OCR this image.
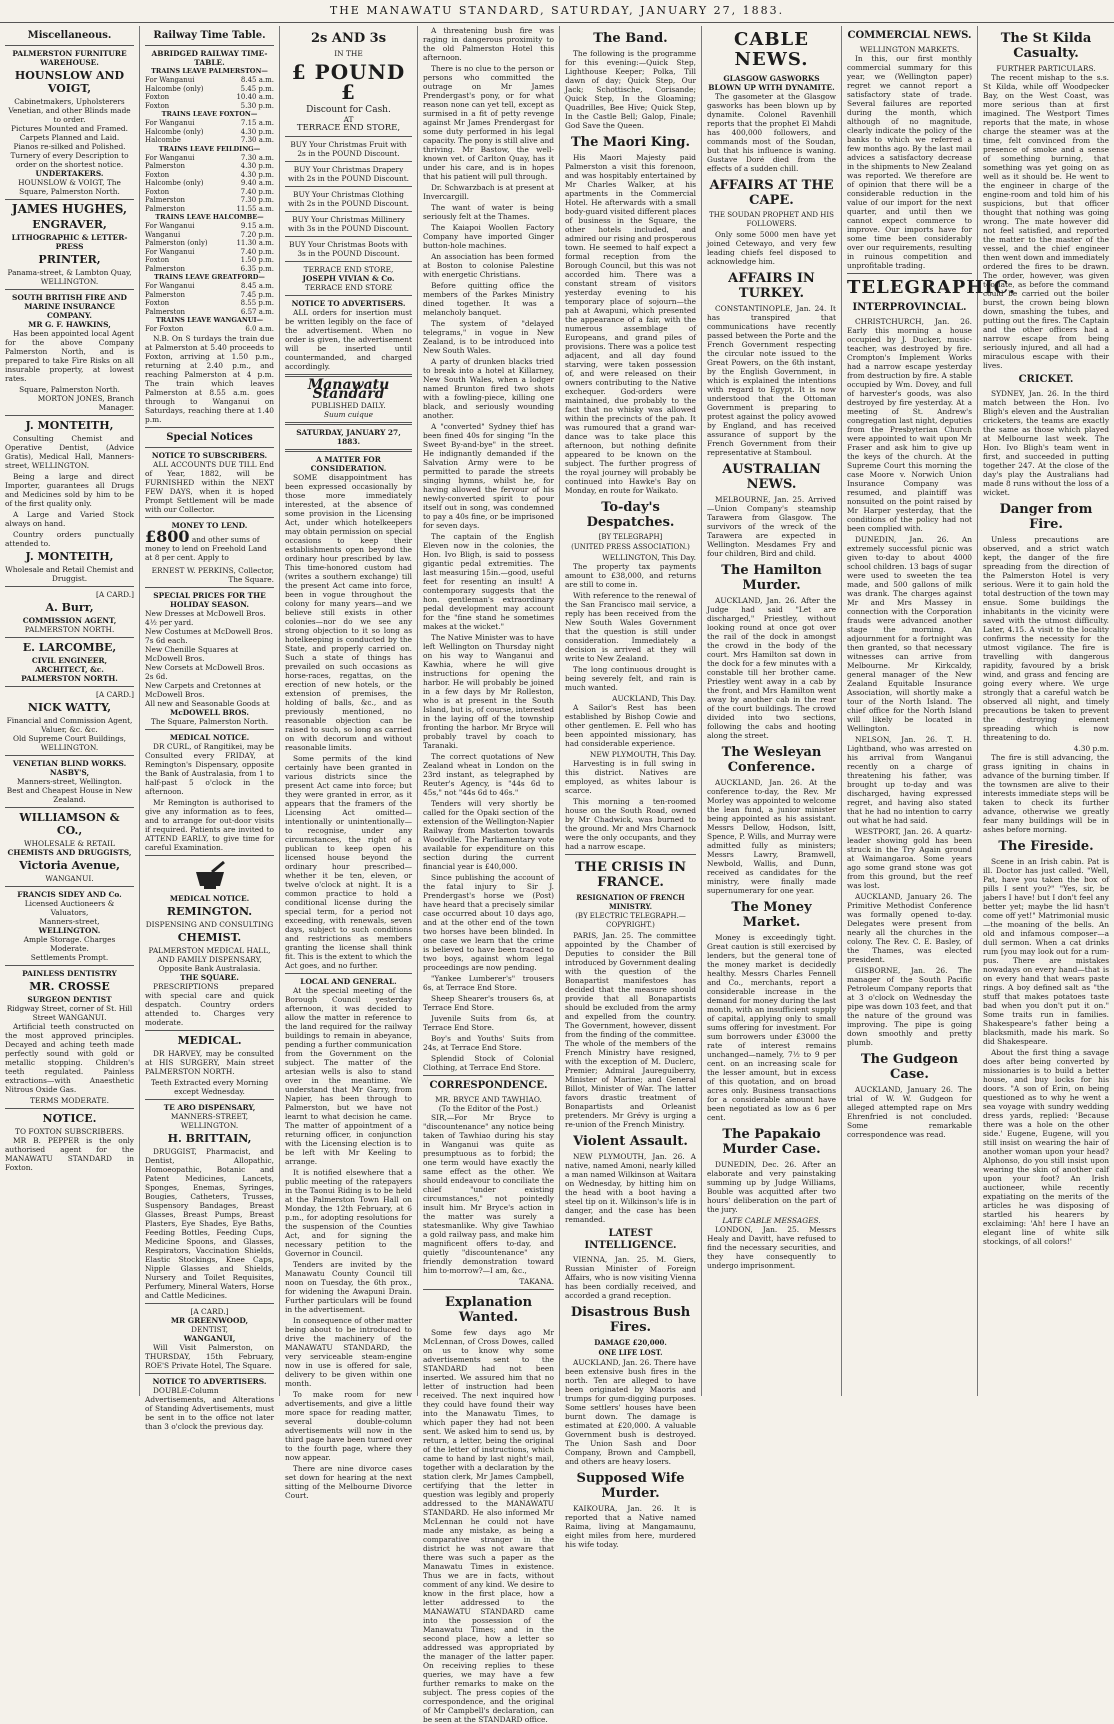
THE MANAWATU STANDARD, SATURDAY, JANUARY 27, 1883.
Miscellaneous.
PALMERSTON FURNITURE WAREHOUSE.
HOUNSLOW AND VOIGT,
Cabinetmakers, Upholsterers
Venetian, and other Blinds made to order.
Pictures Mounted and Framed.
Carpets Planned and Laid.
Pianos re-silked and Polished.
Turnery of every Description to order on the shortest notice.
UNDERTAKERS.
HOUNSLOW & VOIGT, The Square, Palmerston North.
JAMES HUGHES,
ENGRAVER,
LITHOGRAPHIC & LETTER-PRESS
PRINTER,
Panama-street, & Lambton Quay, WELLINGTON.
SOUTH BRITISH FIRE AND MARINE INSURANCE COMPANY.
MR G. F. HAWKINS,
Has been appointed local Agent for the above Company Palmerston North, and is prepared to take Fire Risks on all insurable property, at lowest rates.
Square, Palmerston North.
MORTON JONES, Branch Manager.
J. MONTEITH,
Consulting Chemist and Operative Dentist, (Advice Gratis), Medical Hall, Manners-street, WELLINGTON.
Being a large and direct Importer, guarantees all Drugs and Medicines sold by him to be of the first quality only.
A Large and Varied Stock always on hand.
Country orders punctually attended to.
J. MONTEITH,
Wholesale and Retail Chemist and Druggist.
[A CARD.]
A. Burr,
COMMISSION AGENT,
PALMERSTON NORTH.
E. LARCOMBE,
CIVIL ENGINEER,
ARCHITECT, &c.
PALMERSTON NORTH.
[A CARD.]
NICK WATTY,
Financial and Commission Agent, Valuer, &c. &c.
Old Supreme Court Buildings, WELLINGTON.
VENETIAN BLIND WORKS.
NASBY'S,
Manners-street, Wellington.
Best and Cheapest House in New Zealand.
WILLIAMSON & CO.,
WHOLESALE & RETAIL
CHEMISTS AND DRUGGISTS,
Victoria Avenue,
WANGANUI.
FRANCIS SIDEY AND Co.
Licensed Auctioneers & Valuators,
Manners-street,
WELLINGTON.
Ample Storage. Charges Moderate.
Settlements Prompt.
PAINLESS DENTISTRY
MR. CROSSE
SURGEON DENTIST
Ridgway Street, corner of St. Hill Street WANGANUI.
Artificial teeth constructed on the most approved principles. Decayed and aching teeth made perfectly sound with gold or metallic stopping. Children's teeth regulated. Painless extractions—with Anaesthetic Nitrous Oxide Gas.
TERMS MODERATE.
NOTICE.
TO FOXTON SUBSCRIBERS.
MR B. PEPPER is the only authorised agent for the MANAWATU STANDARD in Foxton.
Railway Time Table.
ABRIDGED RAILWAY TIME-TABLE.
TRAINS LEAVE PALMERSTON—
For Wanganui	8.45 a.m.
Halcombe (only)	5.45 p.m.
Foxton	10.40 a.m.
Foxton	5.30 p.m.
TRAINS LEAVE FOXTON—
For Wanganui	7.15 a.m.
Halcombe (only)	4.30 p.m.
Halcombe	7.30 a.m.
TRAINS LEAVE FEILDING—
For Wanganui	7.30 a.m.
Palmerston	4.30 p.m.
Foxton	4.30 p.m.
Halcombe (only)	9.40 a.m.
Foxton	7.40 p.m.
Palmerston	7.30 p.m.
Palmerston	11.55 a.m.
TRAINS LEAVE HALCOMBE—
For Wanganui	9.15 a.m.
Wanganui	7.20 p.m.
Palmerston (only)	11.30 a.m.
For Wanganui	7.40 p.m.
Foxton	1.50 p.m.
Palmerston	6.35 p.m.
TRAINS LEAVE GREATFORD—
For Wanganui	8.45 a.m.
Palmerston	7.45 p.m.
Foxton	8.55 p.m.
Palmerston	6.57 a.m.
TRAINS LEAVE WANGANUI—
For Foxton	6.0 a.m.
N.B. On S turdays the train due at Palmerston at 5.40 proceeds to Foxton, arriving at 1.50 p.m., returning at 2.40 p.m., and reaching Palmerston at 4 p.m. The train which leaves Palmerston at 8.55 a.m. goes through to Wanganui on Saturdays, reaching there at 1.40 p.m.
Special Notices
NOTICE TO SUBSCRIBERS.
ALL ACCOUNTS DUE TILL End of Year, 1882, will be FURNISHED within the NEXT FEW DAYS, when it is hoped Prompt Settlement will be made with our Collector.
MONEY TO LEND.
£800 and other sums of money to lend on Freehold Land at 8 per cent. Apply to
ERNEST W. PERKINS, Collector, The Square.
SPECIAL PRICES FOR THE HOLIDAY SEASON.
New Dresses at McDowell Bros. 4½ per yard.
New Costumes at McDowell Bros. 7s 6d each.
New Chenille Squares at McDowell Bros.
New Corsets at McDowell Bros. 2s 6d.
New Carpets and Cretonnes at McDowell Bros.
All new and Seasonable Goods at
McDOWELL BROS.
The Square, Palmerston North.
MEDICAL NOTICE.
DR CURL, of Rangitikei, may be Consulted every FRIDAY, at Remington's Dispensary, opposite the Bank of Australasia, from 1 to half-past 5 o'clock in the afternoon.
Mr Remington is authorised to give any information as to fees, and to arrange for out-door visits if required. Patients are invited to ATTEND EARLY, to give time for careful Examination.
MEDICAL NOTICE.
REMINGTON.
DISPENSING AND CONSULTING
CHEMIST.
PALMERSTON MEDICAL HALL,
AND FAMILY DISPENSARY,
Opposite Bank Australasia.
THE SQUARE.
PRESCRIPTIONS prepared with special care and quick despatch. Country orders attended to. Charges very moderate.
MEDICAL.
DR HARVEY, may be consulted at HIS SURGERY, Main street PALMERSTON NORTH.
Teeth Extracted every Morning except Wednesday.
TE ARO DISPENSARY,
MANNERS-STREET, WELLINGTON.
H. BRITTAIN,
DRUGGIST, Pharmacist, and Dentist, Allopathic, Homoeopathic, Botanic and Patent Medicines, Lancets, Sponges, Enemas, Syringes, Bougies, Catheters, Trusses, Suspensory Bandages, Breast Glasses, Breast Pumps, Breast Plasters, Eye Shades, Eye Baths, Feeding Bottles, Feeding Cups, Medicine Spoons, and Glasses, Respirators, Vaccination Shields, Elastic Stockings, Knee Caps, Nipple Glasses and Shields, Nursery and Toilet Requisites, Perfumery, Mineral Waters, Horse and Cattle Medicines.
[A CARD.]
MR GREENWOOD,
DENTIST,
WANGANUI,
Will Visit Palmerston, on THURSDAY, 15th February, ROE'S Private Hotel, The Square.
NOTICE TO ADVERTISERS.
DOUBLE-Column Advertisements, and Alterations of Standing Advertisements, must be sent in to the office not later than 3 o'clock the previous day.
2s AND 3s
IN THE
£ POUND £
Discount for Cash.
AT
TERRACE END STORE,
BUY Your Christmas Fruit with 2s in the POUND Discount.
BUY Your Christmas Drapery with 2s in the POUND Discount.
BUY Your Christmas Clothing with 2s in the POUND Discount.
BUY Your Christmas Millinery with 3s in the POUND Discount.
BUY Your Christmas Boots with 3s in the POUND Discount.
TERRACE END STORE,
JOSEPH VIVIAN & Co.
TERRACE END STORE
NOTICE TO ADVERTISERS.
ALL orders for insertion must be written legibly on the face of the advertisement. When no order is given, the advertisement will be inserted until countermanded, and charged accordingly.
Manawatu Standard
PUBLISHED DAILY.
Suum cuique
SATURDAY, JANUARY 27, 1883.
A MATTER FOR CONSIDERATION.
SOME disappointment has been expressed occasionally by those more immediately interested, at the absence of some provision in the Licensing Act, under which hotelkeepers may obtain permission on special occasions to keep their establishments open beyond the ordinary hour prescribed by law. This time-honored custom had (writes a southern exchange) till the present Act came into force, been in vogue throughout the colony for many years—and we believe still exists in other colonies—nor do we see any strong objection to it so long as hotelkeeping is conducted by the State, and properly carried on. Such a state of things has prevailed on such occasions as horse-races, regattas, on the erection of new hotels, or the extension of premises, the holding of balls, &c., and as previously mentioned, no reasonable objection can be raised to such, so long as carried on with decorum and without reasonable limits.
Some permits of the kind certainly have been granted in various districts since the present Act came into force; but they were granted in error, as it appears that the framers of the Licensing Act omitted—intentionally or unintentionally—to recognise, under any circumstances, the right of a publican to keep open his licensed house beyond the ordinary hour prescribed—whether it be ten, eleven, or twelve o'clock at night. It is a common practice to hold a conditional license during the special term, for a period not exceeding, with renewals, seven days, subject to such conditions and restrictions as members granting the license shall think fit. This is the extent to which the Act goes, and no further.
LOCAL AND GENERAL.
At the special meeting of the Borough Council yesterday afternoon, it was decided to allow the matter in reference to the land required for the railway buildings to remain in abeyance, pending a further communication from the Government on the subject. The matter of the artesian wells is also to stand over in the meantime. We understand that Mr Garry, from Napier, has been through to Palmerston, but we have not learnt to what decision he came. The matter of appointment of a returning officer, in conjunction with the Licensing election is to be left with Mr Keeling to arrange.
It is notified elsewhere that a public meeting of the ratepayers in the Taonui Riding is to be held at the Palmerston Town Hall on Monday, the 12th February, at 6 p.m., for adopting resolutions for the suspension of the Counties Act, and for signing the necessary petition to the Governor in Council.
Tenders are invited by the Manawatu County Council till noon on Tuesday, the 6th prox., for widening the Awapuni Drain. Further particulars will be found in the advertisement.
In consequence of other matter being about to be introduced to drive the machinery of the MANAWATU STANDARD, the very serviceable steam-engine now in use is offered for sale, delivery to be given within one month.
To make room for new advertisements, and give a little more space for reading matter, several double-column advertisements will now in the third page have been turned over to the fourth page, where they now appear.
There are nine divorce cases set down for hearing at the next sitting of the Melbourne Divorce Court.
A threatening bush fire was raging in dangerous proximity to the old Palmerston Hotel this afternoon.
There is no clue to the person or persons who committed the outrage on Mr James Prendergast's pony, or for what reason none can yet tell, except as surmised in a fit of petty revenge against Mr James Prendergast for some duty performed in his legal capacity. The pony is still alive and thriving. Mr Bastow, the well-known vet. of Carlton Quay, has it under his care, and is in hopes that his patient will pull through.
Dr. Schwarzbach is at present at Invercargill.
The want of water is being seriously felt at the Thames.
The Kaiapoi Woollen Factory Company have imported Ginger button-hole machines.
An association has been formed at Boston to colonise Palestine with energetic Christians.
Before quitting office the members of the Parkes Ministry dined together. It was a melancholy banquet.
The system of "delayed telegrams," in vogue in New Zealand, is to be introduced into New South Wales.
A party of drunken blacks tried to break into a hotel at Killarney, New South Wales, when a lodger named Brunton fired two shots with a fowling-piece, killing one black, and seriously wounding another.
A "converted" Sydney thief has been fined 40s for singing "In the Sweet By-and-bye" in the street. He indignantly demanded if the Salvation Army were to be permitted to parade the streets singing hymns, whilst he, for having allowed the fervour of his newly-converted spirit to pour itself out in song, was condemned to pay a 40s fine, or be imprisoned for seven days.
The captain of the English Eleven now in the colonies, the Hon. Ivo Bligh, is said to possess gigantic pedal extremities. The last measuring 15in.—good, useful feet for resenting an insult! A contemporary suggests that the hon. gentleman's extraordinary pedal development may account for the "fine stand he sometimes makes at the wicket."
The Native Minister was to have left Wellington on Thursday night on his way to Wanganui and Kawhia, where he will give instructions for opening the harbor. He will probably be joined in a few days by Mr Rolleston, who is at present in the South Island, but is, of course, interested in the laying off of the township fronting the harbor. Mr Bryce will probably travel by coach to Taranaki.
The correct quotations of New Zealand wheat in London on the 23rd instant, as telegraphed by Reuter's Agency, is "44s 6d to 45s," not "44s 6d to 46s."
Tenders will very shortly be called for the Opaki section of the extension of the Wellington-Napier Railway from Masterton towards Woodville. The Parliamentary vote available for expenditure on this section during the current financial year is £40,000.
Since publishing the account of the fatal injury to Sir J. Prendergast's horse we (Post) have heard that a precisely similar case occurred about 10 days ago, and at the other end of the town two horses have been blinded. In one case we learn that the crime is believed to have been traced to two boys, against whom legal proceedings are now pending.
"Yankee Lumberer's" trousers 6s, at Terrace End Store.
Sheep Shearer's trousers 6s, at Terrace End Store.
Juvenile Suits from 6s, at Terrace End Store.
Boy's and Youths' Suits from 24s, at Terrace End Store.
Splendid Stock of Colonial Clothing, at Terrace End Store.
CORRESPONDENCE.
MR. BRYCE AND TAWHIAO.
(To the Editor of the Post.)
SIR,—For Mr Bryce to "discountenance" any notice being taken of Tawhiao during his stay in Wanganui was quite as presumptuous as to forbid; the one term would have exactly the same effect as the other. We should endeavour to conciliate the chief "under existing circumstances," not pointedly insult him. Mr Bryce's action in the matter was surely a statesmanlike. Why give Tawhiao a gold railway pass, and make him magnificent offers to-day, and quietly "discountenance" any friendly demonstration toward him to-morrow?—I am, &c.,
TAKANA.
Explanation Wanted.
Some few days ago Mr McLennan, of Cross Dowes, called on us to know why some advertisements sent to the STANDARD had not been inserted. We assured him that no letter of instruction had been received. The next inquired how they could have found their way into the Manawatu Times, to which paper they had not been sent. We asked him to send us, by return, a letter, being the original of the letter of instructions, which came to hand by last night's mail, together with a declaration by the station clerk, Mr James Campbell, certifying that the letter in question was legibly and properly addressed to the MANAWATU STANDARD. He also informed Mr McLennan he could not have made any mistake, as being a comparative stranger in the district he was not aware that there was such a paper as the Manawatu Times in existence. Thus we are in facts, without comment of any kind. We desire to know in the first place, how a letter addressed to the MANAWATU STANDARD came into the possession of the Manawatu Times; and in the second place, how a letter so addressed was appropriated by the manager of the latter paper. On receiving replies to these queries, we may have a few further remarks to make on the subject. The press copies of the correspondence, and the original of Mr Campbell's declaration, can be seen at the STANDARD office.
The Band.
The following is the programme for this evening:—Quick Step, Lighthouse Keeper; Polka, Till dawn of day; Quick Step, Our Jack; Schottische, Corisande; Quick Step, In the Gloaming; Quadrilles, Bee Hive; Quick Step, In the Castle Bell; Galop, Finale; God Save the Queen.
The Maori King.
His Maori Majesty paid Palmerston a visit this forenoon, and was hospitably entertained by Mr Charles Walker, at his apartments in the Commercial Hotel. He afterwards with a small body-guard visited different places of business in the Square, the other hotels included, and admired our rising and prosperous town. He seemed to half expect a formal reception from the Borough Council, but this was not accorded him. There was a constant stream of visitors yesterday evening to his temporary place of sojourn—the pah at Awapuni, which presented the appearance of a fair, with the numerous assemblage of Europeans, and grand piles of provisions. There was a police test adjacent, and all day found starving, were taken possession of, and were released on their owners contributing to the Native exchequer. God-orders were maintained, due probably to the fact that no whisky was allowed within the precincts of the pah. It was rumoured that a grand war-dance was to take place this afternoon, but nothing definite appeared to be known on the subject. The further progress of the royal journey will probably be continued into Hawke's Bay on Monday, en route for Waikato.
To-day's Despatches.
[BY TELEGRAPH]
(UNITED PRESS ASSOCIATION.)
WELLINGTON, This Day.
The property tax payments amount to £38,000, and returns are still to come in.
With reference to the renewal of the San Francisco mail service, a reply has been received from the New South Wales Government that the question is still under consideration. Immediately a decision is arrived at they will write to New Zealand.
The long continuous drought is being severely felt, and rain is much wanted.
AUCKLAND, This Day.
A Sailor's Rest has been established by Bishop Cowie and other gentlemen. E. Fell who has been appointed missionary, has had considerable experience.
NEW PLYMOUTH, This Day.
Harvesting is in full swing in this district. Natives are employed, as whites labour is scarce.
This morning a ten-roomed house on the South Road, owned by Mr Chadwick, was burned to the ground. Mr and Mrs Charnock were the only occupants, and they had a narrow escape.
THE CRISIS IN FRANCE.
RESIGNATION OF FRENCH MINISTRY.
(BY ELECTRIC TELEGRAPH.—COPYRIGHT.)
PARIS, Jan. 25. The committee appointed by the Chamber of Deputies to consider the Bill introduced by Government dealing with the question of the Bonapartist manifestoes has decided that the measure should provide that all Bonapartists should be excluded from the army and expelled from the country. The Government, however, dissent from the finding of the committee. The whole of the members of the French Ministry have resigned, with the exception of M. Duclerc, Premier; Admiral Jaureguiberry, Minister of Marine; and General Billot, Minister of War. The latter favors drastic treatment of Bonapartists and Orleanist pretenders. Mr Grévy is urging a re-union of the French Ministry.
Violent Assault.
NEW PLYMOUTH, Jan. 26. A native, named Amoni, nearly killed a man named Wilkinson at Waitara on Wednesday, by hitting him on the head with a boot having a steel tip on it. Wilkinson's life is in danger, and the case has been remanded.
LATEST INTELLIGENCE.
VIENNA, Jan. 25. M. Giers, Russian Minister of Foreign Affairs, who is now visiting Vienna has been cordially received, and accorded a grand reception.
Disastrous Bush Fires.
DAMAGE £20,000.
ONE LIFE LOST.
AUCKLAND, Jan. 26. There have been extensive bush fires in the north. Ten are alleged to have been originated by Maoris and trumps for gum-digging purposes. Some settlers' houses have been burnt down. The damage is estimated at £20,000. A valuable Government bush is destroyed. The Union Sash and Door Company, Brown and Campbell, and others are heavy losers.
Supposed Wife Murder.
KAIKOURA, Jan. 26. It is reported that a Native named Raima, living at Mangamaunu, eight miles from here, murdered his wife today.
CABLE NEWS.
GLASGOW GASWORKS BLOWN UP WITH DYNAMITE.
The gasometer at the Glasgow gasworks has been blown up by dynamite. Colonel Ravenhill reports that the prophet El Mahdi has 400,000 followers, and commands most of the Soudan, but that his influence is waning. Gustave Doré died from the effects of a sudden chill.
AFFAIRS AT THE CAPE.
THE SOUDAN PROPHET AND HIS FOLLOWERS.
Only some 5000 men have yet joined Cetewayo, and very few leading chiefs feel disposed to acknowledge him.
AFFAIRS IN TURKEY.
CONSTANTINOPLE, Jan. 24. It has transpired that communications have recently passed between the Porte and the French Government respecting the circular note issued to the Great Powers, on the 6th instant, by the English Government, in which is explained the intentions with regard to Egypt. It is now understood that the Ottoman Government is preparing to protest against the policy avowed by England, and has received assurance of support by the French Government from their representative at Stamboul.
AUSTRALIAN NEWS.
MELBOURNE, Jan. 25. Arrived—Union Company's steamship Tarawera from Glasgow. The survivors of the wreck of the Tarawera are expected in Wellington. Mesdames Fry and four children, Bird and child.
The Hamilton Murder.
AUCKLAND, Jan. 26. After the Judge had said "Let are discharged," Priestley, without looking round at once got over the rail of the dock in amongst the crowd in the body of the court. Mrs Hamilton sat down in the dock for a few minutes with a constable till her brother came. Priestley went away in a cab by the front, and Mrs Hamilton went away by another cab in the rear of the court buildings. The crowd divided into two sections, following the cabs and hooting along the street.
The Wesleyan Conference.
AUCKLAND, Jan. 26. At the conference to-day, the Rev. Mr Morley was appointed to welcome the lean fund, a junior minister being appointed as his assistant. Messrs Dellow, Hodson, Isitt, Spence, P. Wills, and Murray were admitted fully as ministers; Messrs Lawry, Bramwell, Newbold, Wallis, and Dunn, received as candidates for the ministry, were finally made supernumerary for one year.
The Money Market.
Money is exceedingly tight. Great caution is still exercised by lenders, but the general tone of the money market is decidedly healthy. Messrs Charles Fennell and Co., merchants, report a considerable increase in the demand for money during the last month, with an insufficient supply of capital, applying only to small sums offering for investment. For sum borrowers under £3000 the rate of interest remains unchanged—namely, 7½ to 9 per cent. on an increasing scale for the lesser amount, but in excess of this quotation, and on broad acres only. Business transactions for a considerable amount have been negotiated as low as 6 per cent.
The Papakaio Murder Case.
DUNEDIN, Dec. 26. After an elaborate and very painstaking summing up by Judge Williams, Bouble was acquitted after two hours' deliberation on the part of the jury.
LATE CABLE MESSAGES.
LONDON, Jan. 25. Messrs Healy and Davitt, have refused to find the necessary securities, and they have consequently to undergo imprisonment.
COMMERCIAL NEWS.
WELLINGTON MARKETS.
In this, our first monthly commercial summary for this year, we (Wellington paper) regret we cannot report a satisfactory state of trade. Several failures are reported during the month, which although of no magnitude, clearly indicate the policy of the banks to which we referred a few months ago. By the last mail advices a satisfactory decrease in the shipments to New Zealand was reported. We therefore are of opinion that there will be a considerable reduction in the value of our import for the next quarter, and until then we cannot expect commerce to improve. Our imports have for some time been considerably over our requirements, resulting in ruinous competition and unprofitable trading.
TELEGRAPHIC.
INTERPROVINCIAL.
CHRISTCHURCH, Jan. 26. Early this morning a house occupied by J. Ducker, music-teacher, was destroyed by fire. Crompton's Implement Works had a narrow escape yesterday from destruction by fire. A stable occupied by Wm. Dovey, and full of harvester's goods, was also destroyed by fire yesterday. At a meeting of St. Andrew's congregation last night, deputies from the Presbyterian Church were appointed to wait upon Mr Fraser and ask him to give up the keys of the church. At the Supreme Court this morning the case Moore v. Norwich Union Insurance Company was resumed, and plaintiff was nonsuited on the point raised by Mr Harper yesterday, that the conditions of the policy had not been complied with.
DUNEDIN, Jan. 26. An extremely successful picnic was given to-day to about 4000 school children. 13 bags of sugar were used to sweeten the tea made, and 500 gallons of milk was drank. The charges against Mr and Mrs Massey in connection with the Corporation frauds were advanced another stage the morning. An adjournment for a fortnight was then granted, so that necessary witnesses can arrive from Melbourne. Mr Kirkcaldy, general manager of the New Zealand Equitable Insurance Association, will shortly make a tour of the North Island. The chief office for the North Island will likely be located in Wellington.
NELSON, Jan. 26. T. H. Lightband, who was arrested on his arrival from Wanganui recently on a charge of threatening his father, was brought up to-day and was discharged, having expressed regret, and having also stated that he had no intention to carry out what he had said.
WESTPORT, Jan. 26. A quartz-leader showing gold has been struck in the Try Again ground at Waimangaroa. Some years ago some grand stone was got from this ground, but the reef was lost.
AUCKLAND, January 26. The Primitive Methodist Conference was formally opened to-day. Delegates were present from nearly all the churches in the colony. The Rev. C. E. Basley, of the Thames, was elected president.
GISBORNE, Jan. 26. The manager of the South Pacific Petroleum Company reports that at 3 o'clock on Wednesday the pipe was down 103 feet, and that the nature of the ground was improving. The pipe is going down smoothly and pretty plumb.
The Gudgeon Case.
AUCKLAND, January 26. The trial of W. W. Gudgeon for alleged attempted rape on Mrs Ehrenfried is not concluded. Some remarkable correspondence was read.
The St Kilda Casualty.
FURTHER PARTICULARS.
The recent mishap to the s.s. St Kilda, while off Woodpecker Bay, on the West Coast, was more serious than at first imagined. The Westport Times reports that the mate, in whose charge the steamer was at the time, felt convinced from the presence of smoke and a sense of something burning, that something was yet going on as well as it should be. He went to the engineer in charge of the engine-room and told him of his suspicions, but that officer thought that nothing was going wrong. The mate however did not feel satisfied, and reported the matter to the master of the vessel, and the chief engineer then went down and immediately ordered the fires to be drawn. The order, however, was given too late, as before the command could be carried out the boiler burst, the crown being blown down, smashing the tubes, and putting out the fires. The Captain and the other officers had a narrow escape from being seriously injured, and all had a miraculous escape with their lives.
CRICKET.
SYDNEY, Jan. 26. In the third match between the Hon. Ivo Bligh's eleven and the Australian cricketers, the teams are exactly the same as those which played at Melbourne last week. The Hon. Ivo Bligh's team went in first, and succeeded in putting together 247. At the close of the day's play the Australians had made 8 runs without the loss of a wicket.
Danger from Fire.
Unless precautions are observed, and a strict watch kept, the danger of the fire spreading from the direction of the Palmerston Hotel is very serious. Were it to gain hold the total destruction of the town may ensue. Some buildings the inhabitants in the vicinity were saved with the utmost difficulty. Later, 4.15. A visit to the locality confirms the necessity for the utmost vigilance. The fire is travelling with dangerous rapidity, favoured by a brisk wind, and grass and fencing are going every where. We urge strongly that a careful watch be observed all night, and timely precautions be taken to prevent the destroying element spreading which is now threatening to do.
4.30 p.m.
The fire is still advancing, the grass igniting in chains in advance of the burning timber. If the townsmen are alive to their interests immediate steps will be taken to check its further advance, otherwise we greatly fear many buildings will be in ashes before morning.
The Fireside.
Scene in an Irish cabin. Pat is ill. Doctor has just called. "Well, Pat, have you taken the box of pills I sent you?" "Yes, sir, be jabers I have! but I don't feel any better yet; maybe the lid hasn't come off yet!" Matrimonial music—the moaning of the bells. An old and infamous composer—a dull sermon. When a cat drinks rum [you may look out for a rum-pus. There are mistakes nowadays on every hand—that is on every hand that wears paste rings. A boy defined salt as "the stuff that makes potatoes taste bad when you don't put it on." Some traits run in families. Shakespeare's father being a blacksmith, made his mark. So did Shakespeare.
About the first thing a savage does after being converted by missionaries is to build a better house, and buy locks for his doors. "A son of Erin, on being questioned as to why he went a sea voyage with sundry wedding dress yards, replied: 'Because there was a hole on the other side.' Eugene, Eugene, will you still insist on wearing the hair of another woman upon your head? Alphonso, do you still insist upon wearing the skin of another calf upon your foot? An Irish auctioneer, while recently expatiating on the merits of the articles he was disposing of startled his hearers by exclaiming: 'Ah! here I have an elegant line of white silk stockings, of all colors!'
